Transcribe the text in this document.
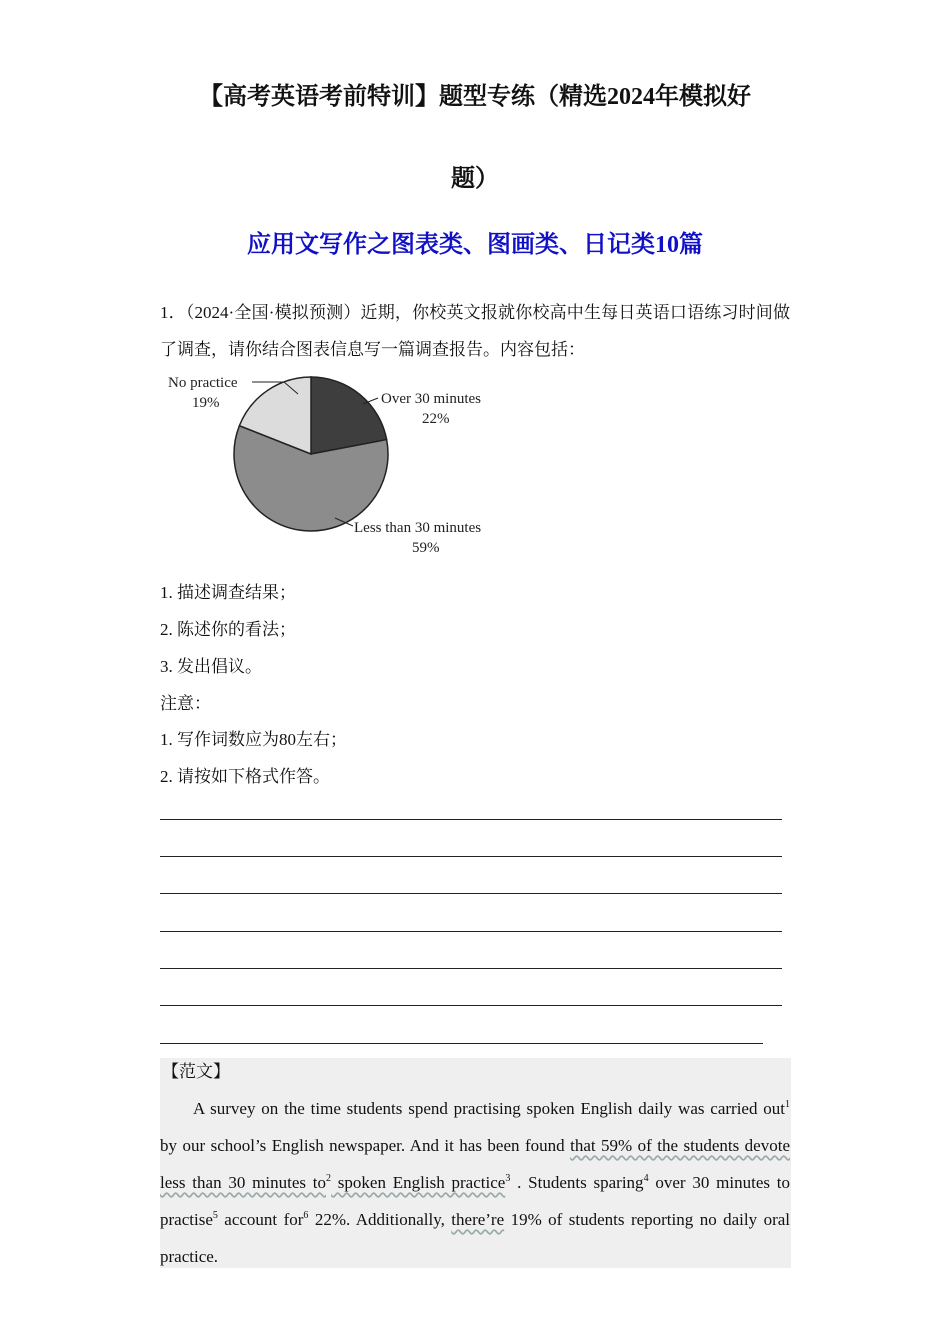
【高考英语考前特训】题型专练（精选2024年模拟好
题）
应用文写作之图表类、图画类、日记类10篇
1．（2024·全国·模拟预测）近期，你校英文报就你校高中生每日英语口语练习时间做了调查，请你结合图表信息写一篇调查报告。内容包括：
No practice
19%	Over 30 minutes
22%
Less than 30 minutes
59%
1. 描述调查结果；
2. 陈述你的看法；
3. 发出倡议。
注意：
1. 写作词数应为80左右；
2. 请按如下格式作答。
【范文】
A survey on the time students spend practising spoken English daily was carried out$^1$ by our school’s English newspaper. And it has been found that 59% of the students devote less than 30 minutes $to^2$ spoken English practice$^3$ . Students sparing$^4$ over 30 minutes to practise$^5$ account for$^6$ 22%. Additionally, there’re 19% of students reporting no daily oral practice.
